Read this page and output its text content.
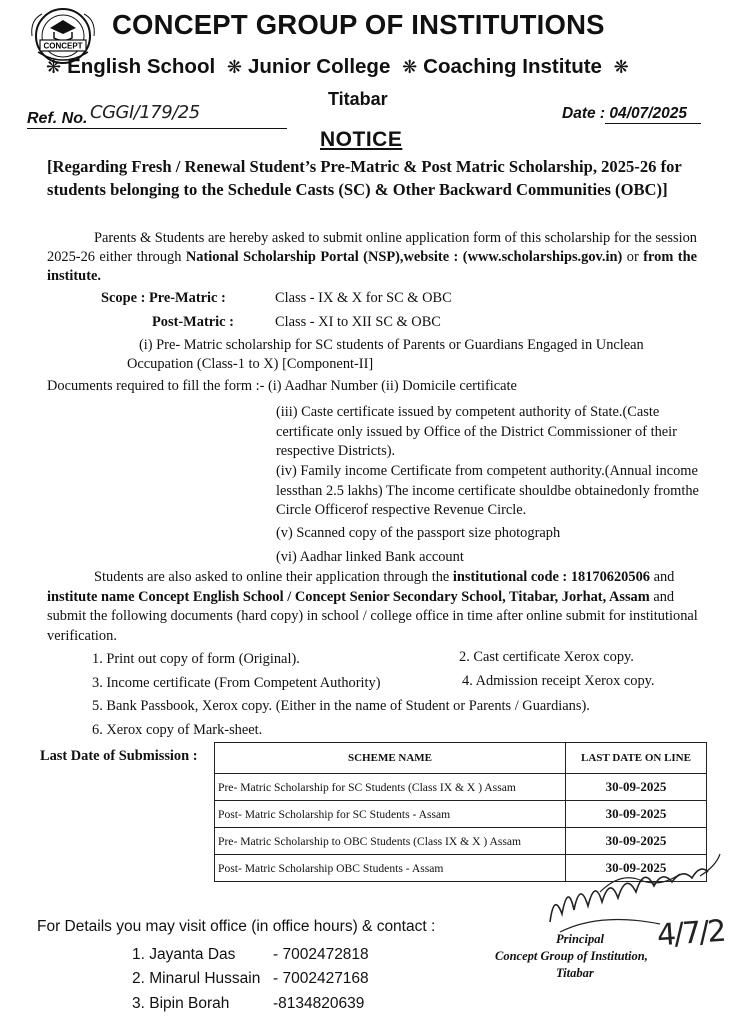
CONCEPT
CONCEPT GROUP OF INSTITUTIONS
❋ English School ❋ Junior College ❋ Coaching Institute ❋
Titabar
Ref. No. CGGI/179/25	Date : 04/07/2025
NOTICE
[Regarding Fresh / Renewal Student’s Pre-Matric & Post Matric Scholarship, 2025-26 for students belonging to the Schedule Casts (SC) & Other Backward Communities (OBC)]
Parents & Students are hereby asked to submit online application form of this scholarship for the session 2025-26 either through National Scholarship Portal (NSP),website : (www.scholarships.gov.in) or from the institute.
Scope : Pre-Matric :	Class - IX & X for SC & OBC
Post-Matric :	Class - XI to XII SC & OBC
(i) Pre- Matric scholarship for SC students of Parents or Guardians Engaged in Unclean Occupation (Class-1 to X) [Component-II]
Documents required to fill the form :- (i) Aadhar Number (ii) Domicile certificate
(iii) Caste certificate issued by competent authority of State.(Caste certificate only issued by Office of the District Commissioner of their respective Districts).
(iv) Family income Certificate from competent authority.(Annual income lessthan 2.5 lakhs) The income certificate shouldbe obtainedonly fromthe Circle Officerof respective Revenue Circle.
(v) Scanned copy of the passport size photograph
(vi) Aadhar linked Bank account
Students are also asked to online their application through the institutional code : 18170620506 and institute name Concept English School / Concept Senior Secondary School, Titabar, Jorhat, Assam and submit the following documents (hard copy) in school / college office in time after online submit for institutional verification.
1. Print out copy of form (Original).	2. Cast certificate Xerox copy.
3. Income certificate (From Competent Authority)	4. Admission receipt Xerox copy.
5. Bank Passbook, Xerox copy. (Either in the name of Student or Parents / Guardians).
6. Xerox copy of Mark-sheet.
Last Date of Submission :	SCHEME NAME	LAST DATE ON LINE
Pre- Matric Scholarship for SC Students (Class IX & X ) Assam	30-09-2025
Post- Matric Scholarship for SC Students - Assam	30-09-2025
Pre- Matric Scholarship to OBC Students (Class IX & X ) Assam	30-09-2025
Post- Matric Scholarship OBC Students - Assam	30-09-2025
For Details you may visit office (in office hours) & contact :
1. Jayanta Das - 7002472818
2. Minarul Hussain - 7002427168
3. Bipin Borah	-8134820639
4/7/2
Principal
Concept Group of Institution,
Titabar
